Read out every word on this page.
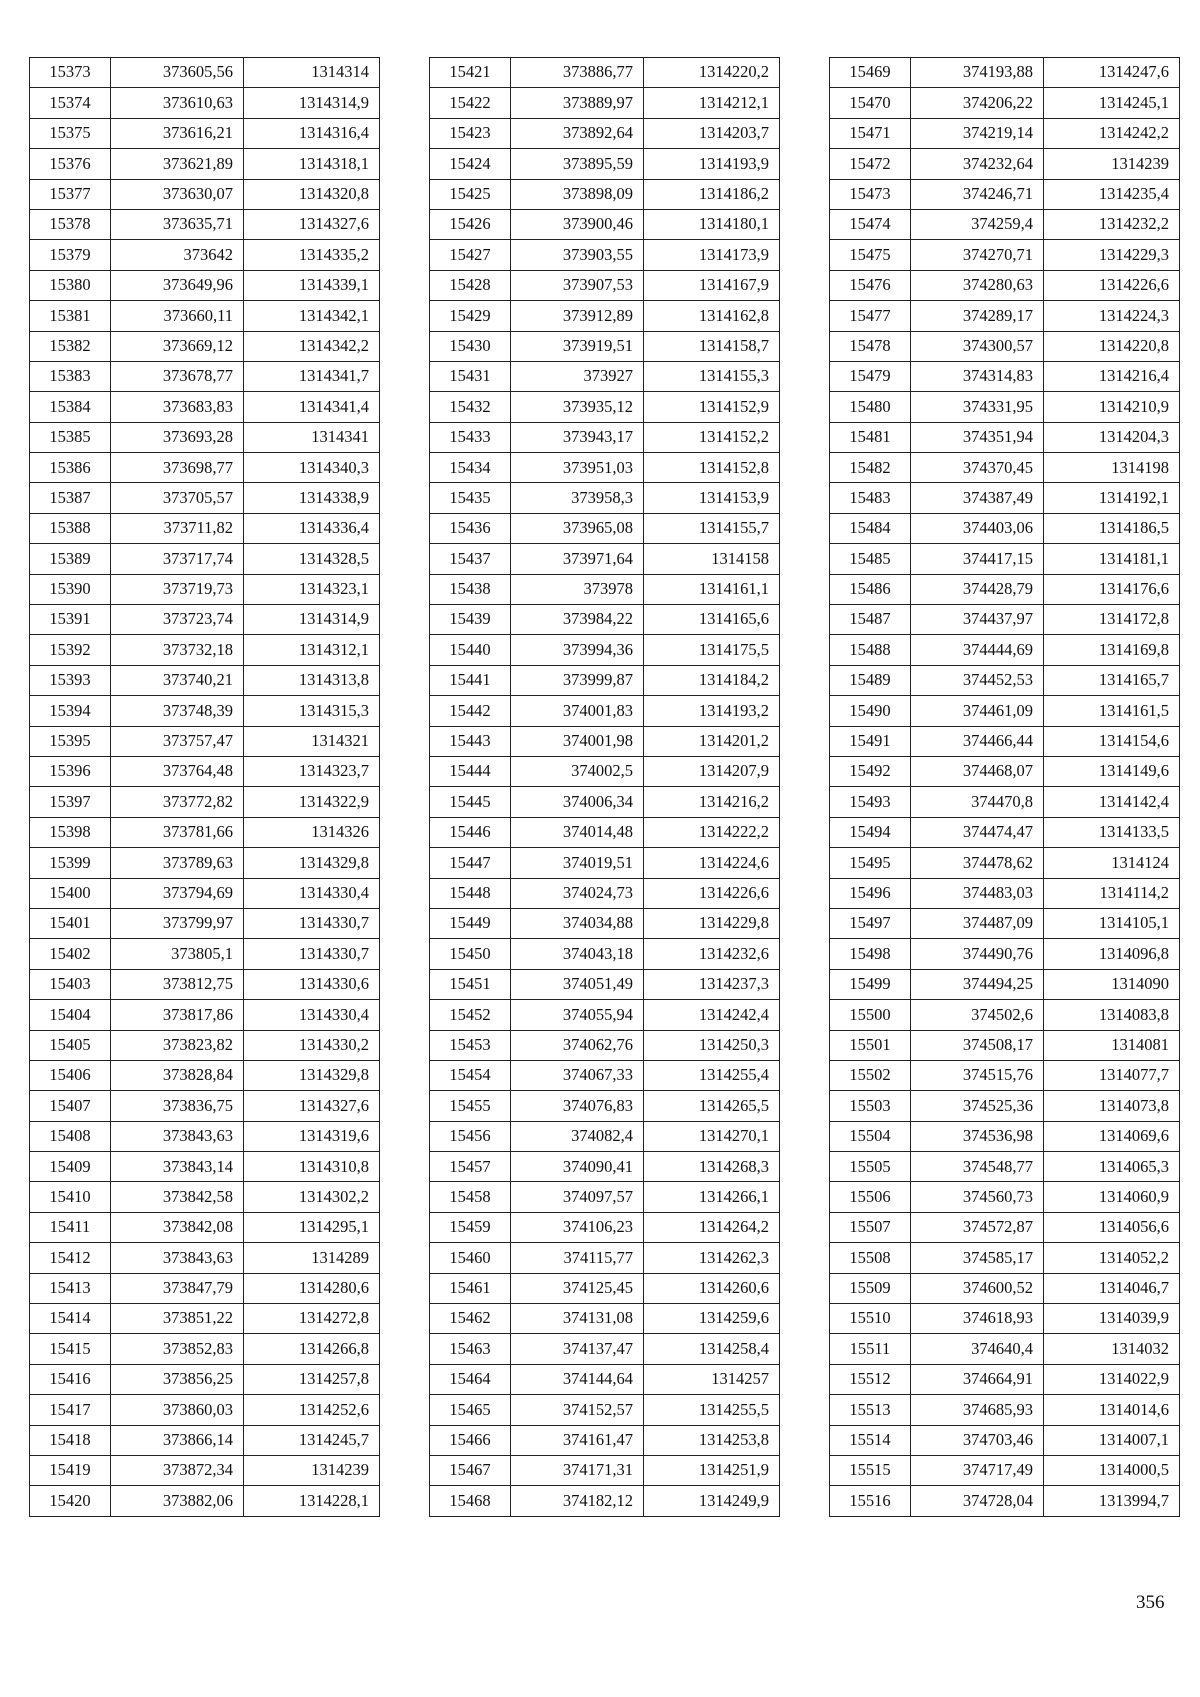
15373	373605,56	1314314
15374	373610,63	1314314,9
15375	373616,21	1314316,4
15376	373621,89	1314318,1
15377	373630,07	1314320,8
15378	373635,71	1314327,6
15379	373642	1314335,2
15380	373649,96	1314339,1
15381	373660,11	1314342,1
15382	373669,12	1314342,2
15383	373678,77	1314341,7
15384	373683,83	1314341,4
15385	373693,28	1314341
15386	373698,77	1314340,3
15387	373705,57	1314338,9
15388	373711,82	1314336,4
15389	373717,74	1314328,5
15390	373719,73	1314323,1
15391	373723,74	1314314,9
15392	373732,18	1314312,1
15393	373740,21	1314313,8
15394	373748,39	1314315,3
15395	373757,47	1314321
15396	373764,48	1314323,7
15397	373772,82	1314322,9
15398	373781,66	1314326
15399	373789,63	1314329,8
15400	373794,69	1314330,4
15401	373799,97	1314330,7
15402	373805,1	1314330,7
15403	373812,75	1314330,6
15404	373817,86	1314330,4
15405	373823,82	1314330,2
15406	373828,84	1314329,8
15407	373836,75	1314327,6
15408	373843,63	1314319,6
15409	373843,14	1314310,8
15410	373842,58	1314302,2
15411	373842,08	1314295,1
15412	373843,63	1314289
15413	373847,79	1314280,6
15414	373851,22	1314272,8
15415	373852,83	1314266,8
15416	373856,25	1314257,8
15417	373860,03	1314252,6
15418	373866,14	1314245,7
15419	373872,34	1314239
15420	373882,06	1314228,1
15421	373886,77	1314220,2
15422	373889,97	1314212,1
15423	373892,64	1314203,7
15424	373895,59	1314193,9
15425	373898,09	1314186,2
15426	373900,46	1314180,1
15427	373903,55	1314173,9
15428	373907,53	1314167,9
15429	373912,89	1314162,8
15430	373919,51	1314158,7
15431	373927	1314155,3
15432	373935,12	1314152,9
15433	373943,17	1314152,2
15434	373951,03	1314152,8
15435	373958,3	1314153,9
15436	373965,08	1314155,7
15437	373971,64	1314158
15438	373978	1314161,1
15439	373984,22	1314165,6
15440	373994,36	1314175,5
15441	373999,87	1314184,2
15442	374001,83	1314193,2
15443	374001,98	1314201,2
15444	374002,5	1314207,9
15445	374006,34	1314216,2
15446	374014,48	1314222,2
15447	374019,51	1314224,6
15448	374024,73	1314226,6
15449	374034,88	1314229,8
15450	374043,18	1314232,6
15451	374051,49	1314237,3
15452	374055,94	1314242,4
15453	374062,76	1314250,3
15454	374067,33	1314255,4
15455	374076,83	1314265,5
15456	374082,4	1314270,1
15457	374090,41	1314268,3
15458	374097,57	1314266,1
15459	374106,23	1314264,2
15460	374115,77	1314262,3
15461	374125,45	1314260,6
15462	374131,08	1314259,6
15463	374137,47	1314258,4
15464	374144,64	1314257
15465	374152,57	1314255,5
15466	374161,47	1314253,8
15467	374171,31	1314251,9
15468	374182,12	1314249,9
15469	374193,88	1314247,6
15470	374206,22	1314245,1
15471	374219,14	1314242,2
15472	374232,64	1314239
15473	374246,71	1314235,4
15474	374259,4	1314232,2
15475	374270,71	1314229,3
15476	374280,63	1314226,6
15477	374289,17	1314224,3
15478	374300,57	1314220,8
15479	374314,83	1314216,4
15480	374331,95	1314210,9
15481	374351,94	1314204,3
15482	374370,45	1314198
15483	374387,49	1314192,1
15484	374403,06	1314186,5
15485	374417,15	1314181,1
15486	374428,79	1314176,6
15487	374437,97	1314172,8
15488	374444,69	1314169,8
15489	374452,53	1314165,7
15490	374461,09	1314161,5
15491	374466,44	1314154,6
15492	374468,07	1314149,6
15493	374470,8	1314142,4
15494	374474,47	1314133,5
15495	374478,62	1314124
15496	374483,03	1314114,2
15497	374487,09	1314105,1
15498	374490,76	1314096,8
15499	374494,25	1314090
15500	374502,6	1314083,8
15501	374508,17	1314081
15502	374515,76	1314077,7
15503	374525,36	1314073,8
15504	374536,98	1314069,6
15505	374548,77	1314065,3
15506	374560,73	1314060,9
15507	374572,87	1314056,6
15508	374585,17	1314052,2
15509	374600,52	1314046,7
15510	374618,93	1314039,9
15511	374640,4	1314032
15512	374664,91	1314022,9
15513	374685,93	1314014,6
15514	374703,46	1314007,1
15515	374717,49	1314000,5
15516	374728,04	1313994,7
356
